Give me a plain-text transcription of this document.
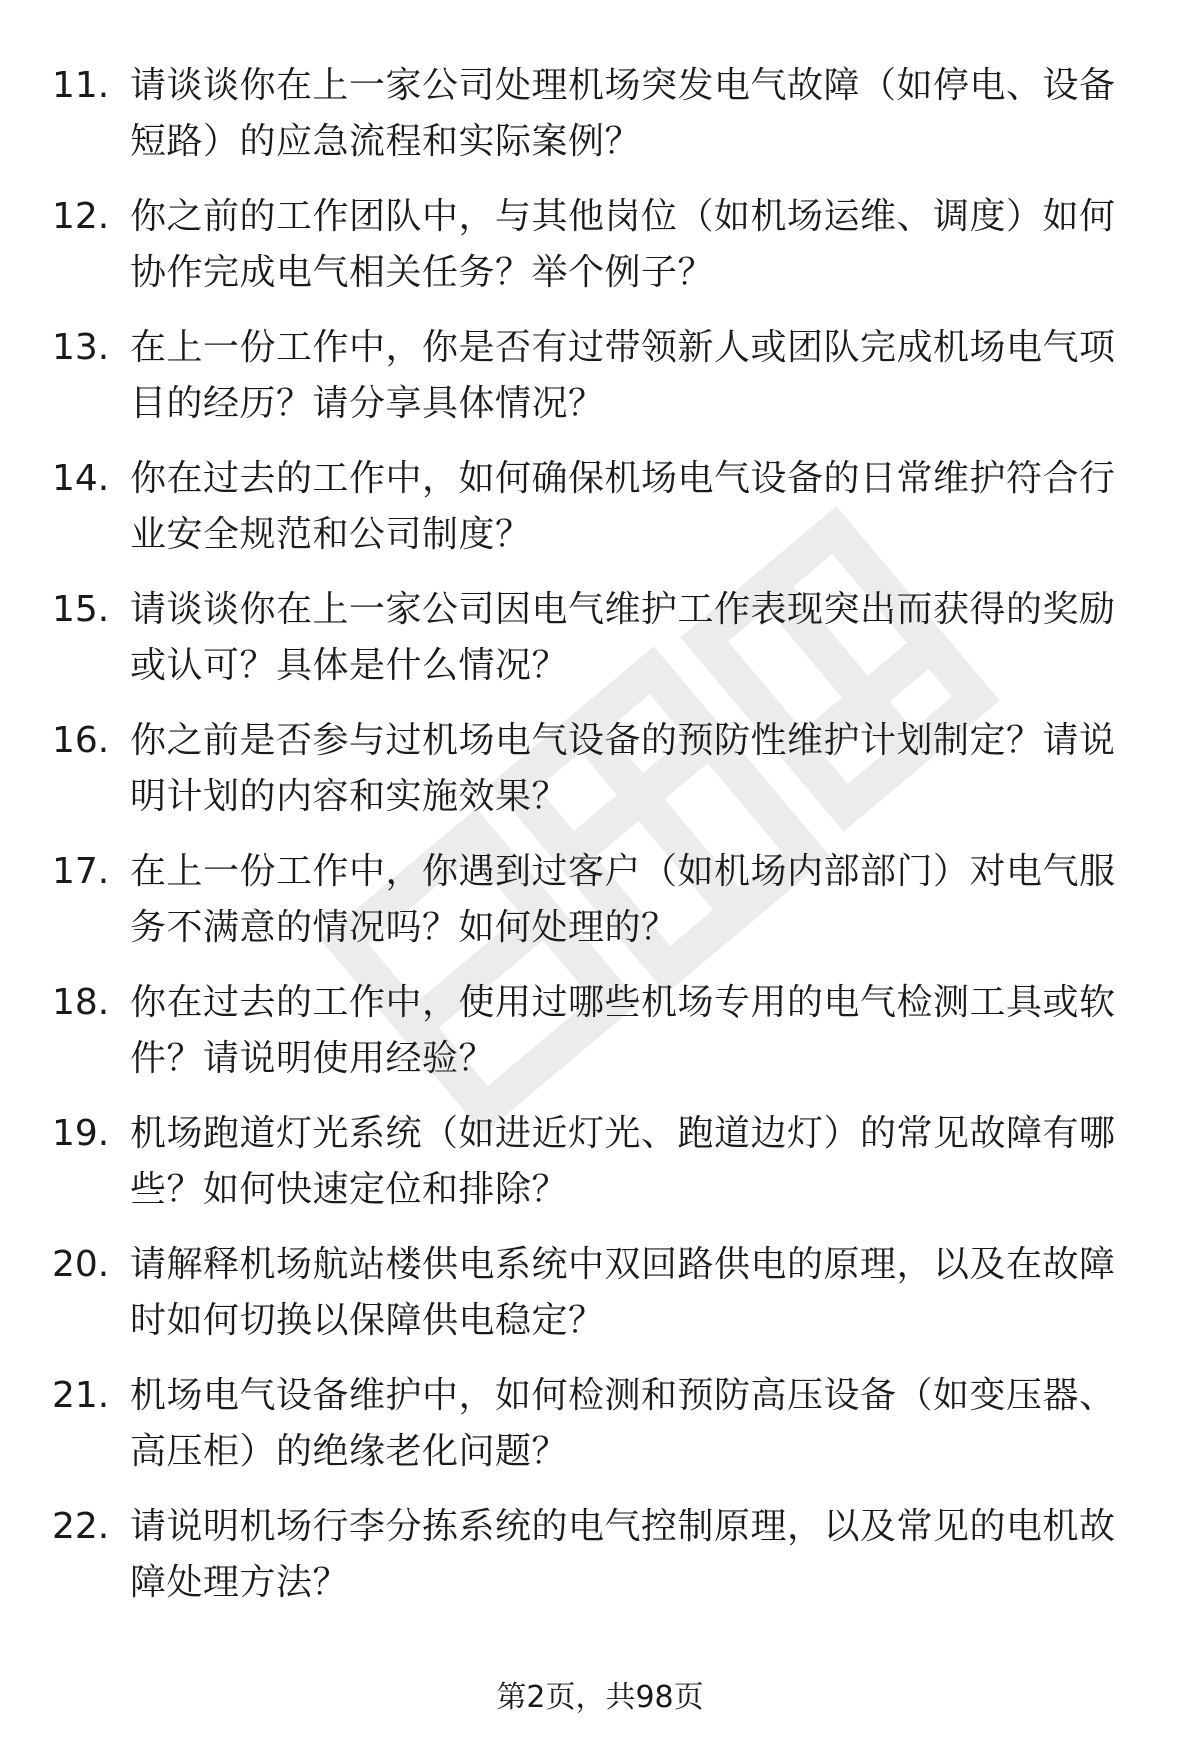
11. 请谈谈你在上一家公司处理机场突发电气故障（如停电、设备短路）的应急流程和实际案例？
12. 你之前的工作团队中，与其他岗位（如机场运维、调度）如何协作完成电气相关任务？举个例子？
13. 在上一份工作中，你是否有过带领新人或团队完成机场电气项目的经历？请分享具体情况？
14. 你在过去的工作中，如何确保机场电气设备的日常维护符合行业安全规范和公司制度？
15. 请谈谈你在上一家公司因电气维护工作表现突出而获得的奖励或认可？具体是什么情况？
16. 你之前是否参与过机场电气设备的预防性维护计划制定？请说明计划的内容和实施效果？
17. 在上一份工作中，你遇到过客户（如机场内部部门）对电气服务不满意的情况吗？如何处理的？
18. 你在过去的工作中，使用过哪些机场专用的电气检测工具或软件？请说明使用经验？
19. 机场跑道灯光系统（如进近灯光、跑道边灯）的常见故障有哪些？如何快速定位和排除？
20. 请解释机场航站楼供电系统中双回路供电的原理，以及在故障时如何切换以保障供电稳定？
21. 机场电气设备维护中，如何检测和预防高压设备（如变压器、高压柜）的绝缘老化问题？
22. 请说明机场行李分拣系统的电气控制原理，以及常见的电机故障处理方法？
第2页，共98页
